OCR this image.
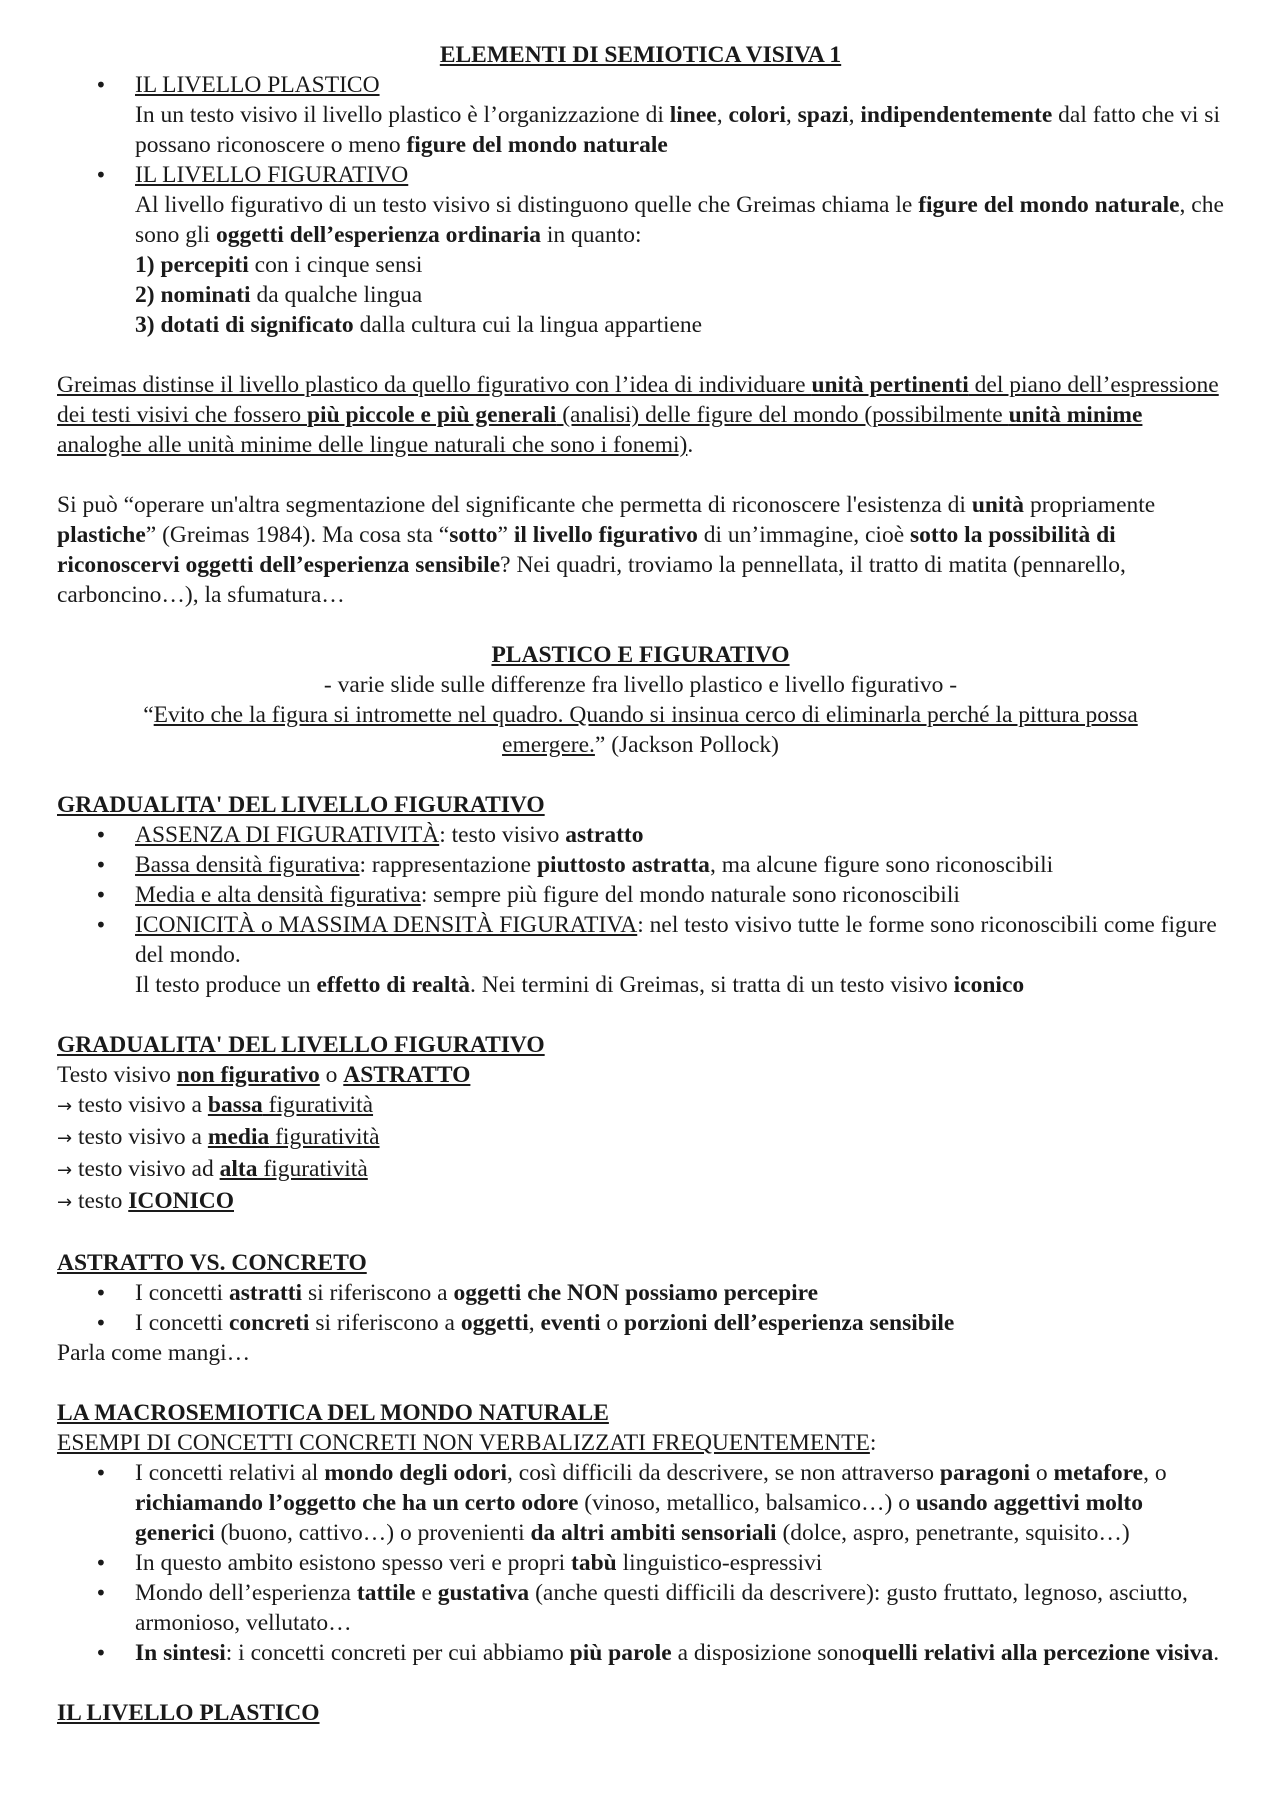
ELEMENTI DI SEMIOTICA VISIVA 1

• IL LIVELLO PLASTICO
In un testo visivo il livello plastico è l’organizzazione di linee, colori, spazi, indipendentemente dal fatto che vi si possano riconoscere o meno figure del mondo naturale
• IL LIVELLO FIGURATIVO
Al livello figurativo di un testo visivo si distinguono quelle che Greimas chiama le figure del mondo naturale, che sono gli oggetti dell’esperienza ordinaria in quanto:
1) percepiti con i cinque sensi
2) nominati da qualche lingua
3) dotati di significato dalla cultura cui la lingua appartiene

Greimas distinse il livello plastico da quello figurativo con l’idea di individuare unità pertinenti del piano dell’espressione dei testi visivi che fossero più piccole e più generali (analisi) delle figure del mondo (possibilmente unità minime analoghe alle unità minime delle lingue naturali che sono i fonemi).

Si può “operare un'altra segmentazione del significante che permetta di riconoscere l'esistenza di unità propriamente plastiche” (Greimas 1984). Ma cosa sta “sotto” il livello figurativo di un’immagine, cioè sotto la possibilità di riconoscervi oggetti dell’esperienza sensibile? Nei quadri, troviamo la pennellata, il tratto di matita (pennarello, carboncino…), la sfumatura…

PLASTICO E FIGURATIVO

- varie slide sulle differenze fra livello plastico e livello figurativo -

“Evito che la figura si intromette nel quadro. Quando si insinua cerco di eliminarla perché la pittura possa emergere.” (Jackson Pollock)

GRADUALITA' DEL LIVELLO FIGURATIVO

• ASSENZA DI FIGURATIVITÀ: testo visivo astratto
• Bassa densità figurativa: rappresentazione piuttosto astratta, ma alcune figure sono riconoscibili
• Media e alta densità figurativa: sempre più figure del mondo naturale sono riconoscibili
• ICONICITÀ o MASSIMA DENSITÀ FIGURATIVA: nel testo visivo tutte le forme sono riconoscibili come figure del mondo.
Il testo produce un effetto di realtà. Nei termini di Greimas, si tratta di un testo visivo iconico

GRADUALITA' DEL LIVELLO FIGURATIVO

Testo visivo non figurativo o ASTRATTO

→ testo visivo a bassa figuratività

→ testo visivo a media figuratività

→ testo visivo ad alta figuratività

→ testo ICONICO

ASTRATTO VS. CONCRETO

• I concetti astratti si riferiscono a oggetti che NON possiamo percepire
• I concetti concreti si riferiscono a oggetti, eventi o porzioni dell’esperienza sensibile

Parla come mangi…

LA MACROSEMIOTICA DEL MONDO NATURALE

ESEMPI DI CONCETTI CONCRETI NON VERBALIZZATI FREQUENTEMENTE:

• I concetti relativi al mondo degli odori, così difficili da descrivere, se non attraverso paragoni o metafore, o richiamando l’oggetto che ha un certo odore (vinoso, metallico, balsamico…) o usando aggettivi molto generici (buono, cattivo…) o provenienti da altri ambiti sensoriali (dolce, aspro, penetrante, squisito…)
• In questo ambito esistono spesso veri e propri tabù linguistico-espressivi
• Mondo dell’esperienza tattile e gustativa (anche questi difficili da descrivere): gusto fruttato, legnoso, asciutto, armonioso, vellutato…
• In sintesi: i concetti concreti per cui abbiamo più parole a disposizione sonoquelli relativi alla percezione visiva.

IL LIVELLO PLASTICO
